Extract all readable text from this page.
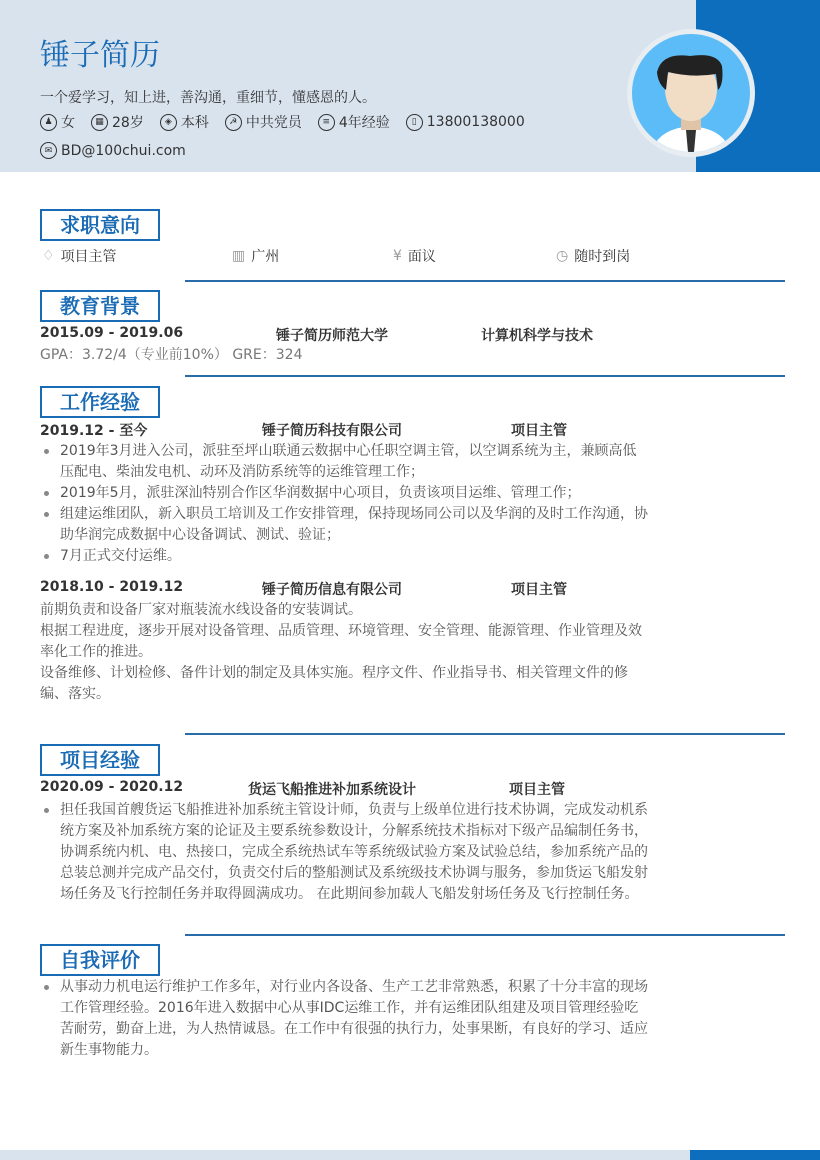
锤子简历
一个爱学习，知上进，善沟通，重细节，懂感恩的人。
♟ 女	▦ 28岁	◈ 本科	☭ 中共党员	≡ 4年经验	▯ 13800138000
✉ BD@100chui.com
求职意向
♢ 项目主管	▥ 广州	¥ 面议	◷ 随时到岗
教育背景
2015.09 - 2019.06	锤子简历师范大学	计算机科学与技术
GPA：3.72/4（专业前10%） GRE：324
工作经验
2019.12 - 至今	锤子简历科技有限公司	项目主管
2019年3月进入公司，派驻至坪山联通云数据中心任职空调主管，以空调系统为主，兼顾高低压配电、柴油发电机、动环及消防系统等的运维管理工作；
2019年5月，派驻深汕特别合作区华润数据中心项目，负责该项目运维、管理工作；
组建运维团队，新入职员工培训及工作安排管理，保持现场同公司以及华润的及时工作沟通，协助华润完成数据中心设备调试、测试、验证；
7月正式交付运维。
2018.10 - 2019.12	锤子简历信息有限公司	项目主管
前期负责和设备厂家对瓶装流水线设备的安装调试。
根据工程进度，逐步开展对设备管理、品质管理、环境管理、安全管理、能源管理、作业管理及效率化工作的推进。
设备维修、计划检修、备件计划的制定及具体实施。程序文件、作业指导书、相关管理文件的修编、落实。
项目经验
2020.09 - 2020.12	货运飞船推进补加系统设计	项目主管
担任我国首艘货运飞船推进补加系统主管设计师，负责与上级单位进行技术协调，完成发动机系统方案及补加系统方案的论证及主要系统参数设计，分解系统技术指标对下级产品编制任务书，协调系统内机、电、热接口，完成全系统热试车等系统级试验方案及试验总结，参加系统产品的总装总测并完成产品交付，负责交付后的整船测试及系统级技术协调与服务，参加货运飞船发射场任务及飞行控制任务并取得圆满成功。 在此期间参加载人飞船发射场任务及飞行控制任务。
自我评价
从事动力机电运行维护工作多年，对行业内各设备、生产工艺非常熟悉，积累了十分丰富的现场工作管理经验。2016年进入数据中心从事IDC运维工作，并有运维团队组建及项目管理经验吃苦耐劳，勤奋上进，为人热情诚恳。在工作中有很强的执行力，处事果断，有良好的学习、适应新生事物能力。
